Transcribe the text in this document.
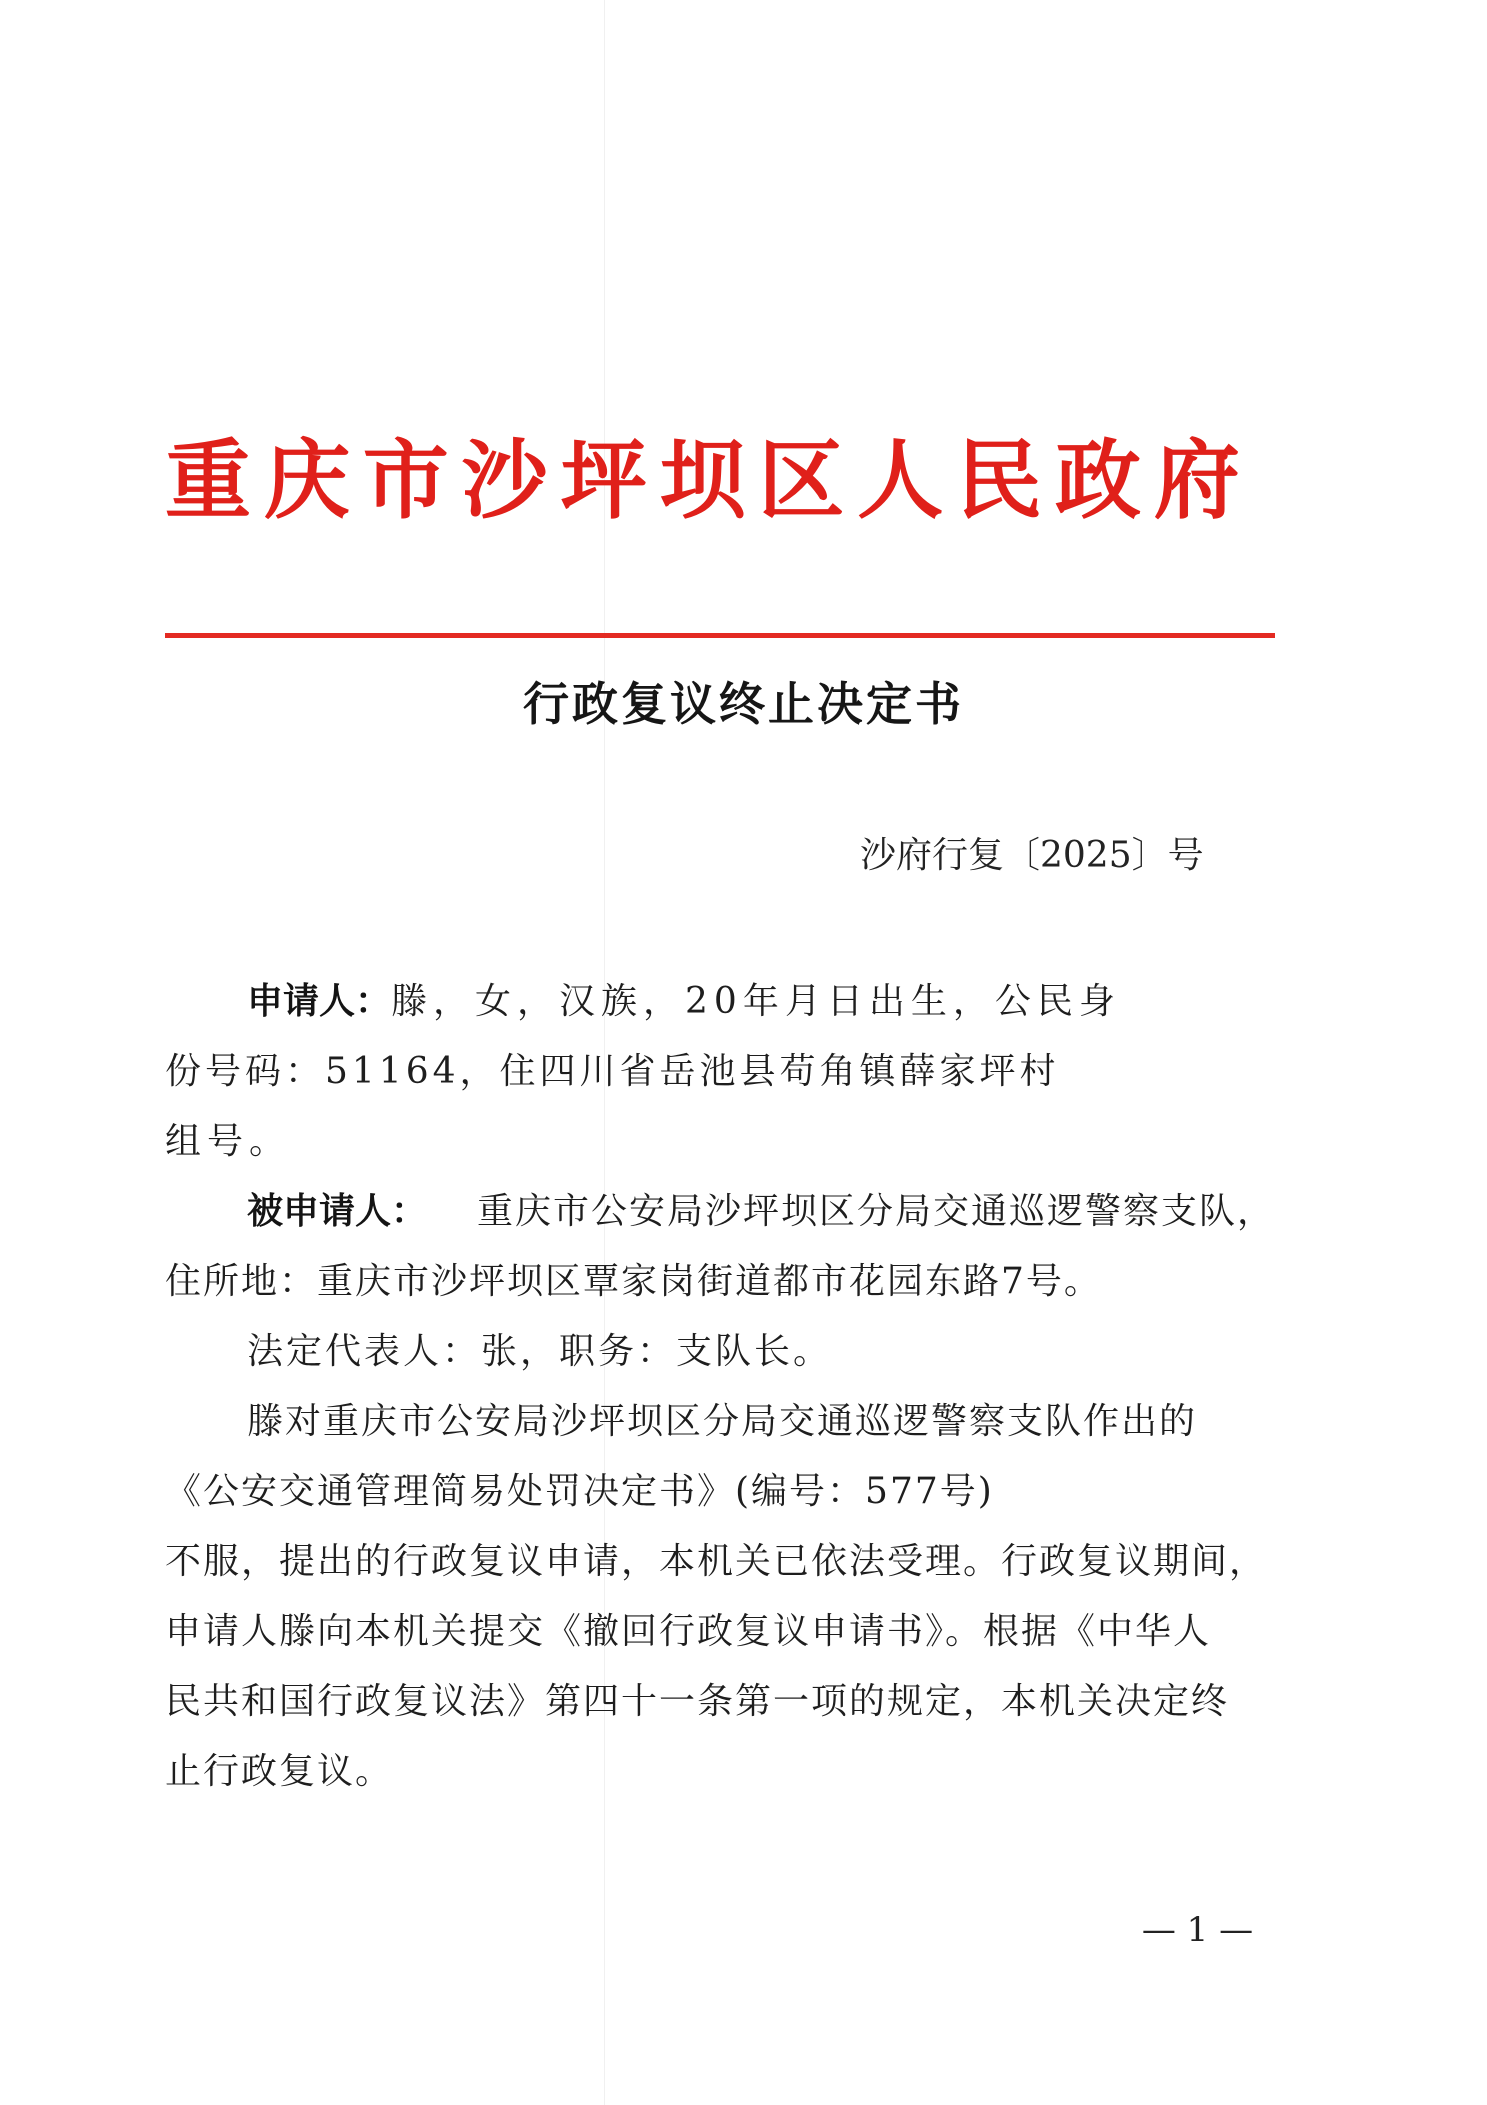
重 庆 市 沙 坪 坝 区 人 民 政 府
行政复议终止决定书
沙府行复〔2025〕号
申请人： 滕，女，汉族，20年月日出生，公民身
份号码：51164，住四川省岳池县苟角镇薛家坪村
组号。
被申请人： 重庆市公安局沙坪坝区分局交通巡逻警察支队，
住所地：重庆市沙坪坝区覃家岗街道都市花园东路7号。
法定代表人：张，职务：支队长。
滕对重庆市公安局沙坪坝区分局交通巡逻警察支队作出的
《公安交通管理简易处罚决定书》(编号：577号)
不服，提出的行政复议申请，本机关已依法受理。行政复议期间，
申请人滕向本机关提交《撤回行政复议申请书》。根据《中华人
民共和国行政复议法》第四十一条第一项的规定，本机关决定终
止行政复议。
— 1 —
